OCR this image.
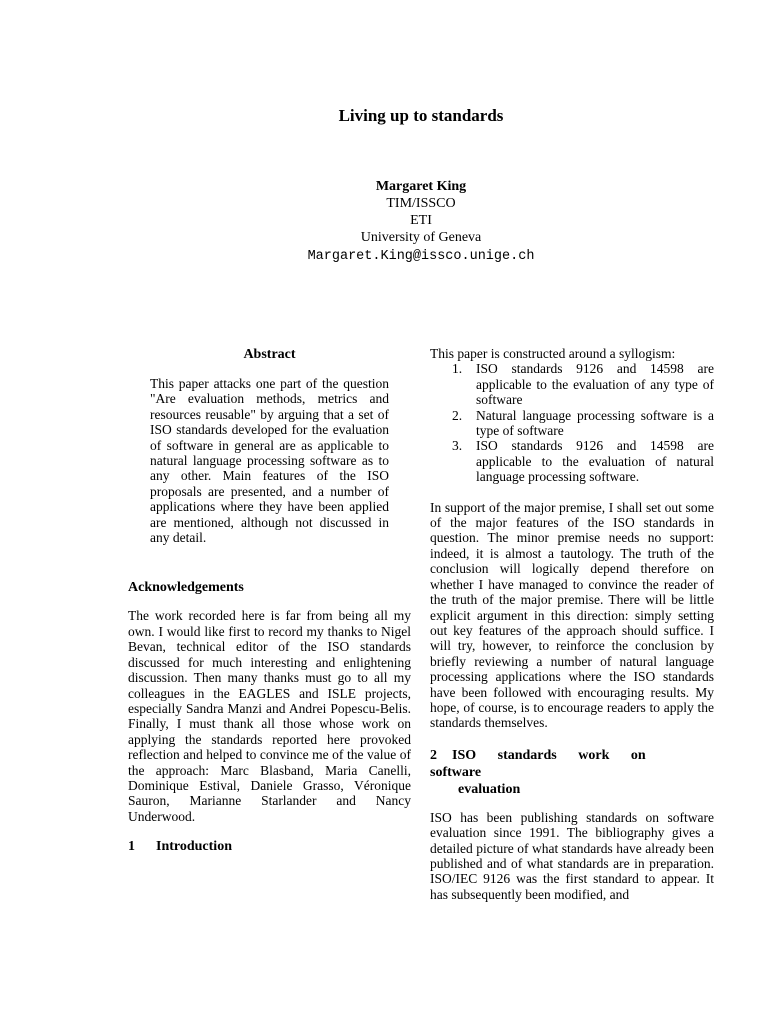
Living up to standards
Margaret King
TIM/ISSCO
ETI
University of Geneva
Margaret.King@issco.unige.ch
Abstract

This paper attacks one part of the question "Are evaluation methods, metrics and resources reusable" by arguing that a set of ISO standards developed for the evaluation of software in general are as applicable to natural language processing software as to any other. Main features of the ISO proposals are presented, and a number of applications where they have been applied are mentioned, although not discussed in any detail.

Acknowledgements

The work recorded here is far from being all my own. I would like first to record my thanks to Nigel Bevan, technical editor of the ISO standards discussed for much interesting and enlightening discussion. Then many thanks must go to all my colleagues in the EAGLES and ISLE projects, especially Sandra Manzi and Andrei Popescu-Belis. Finally, I must thank all those whose work on applying the standards reported here provoked reflection and helped to convince me of the value of the approach: Marc Blasband, Maria Canelli, Dominique Estival, Daniele Grasso, Véronique Sauron, Marianne Starlander and Nancy Underwood.

1 Introduction

This paper is constructed around a syllogism:

1. ISO standards 9126 and 14598 are applicable to the evaluation of any type of software
2. Natural language processing software is a type of software
3. ISO standards 9126 and 14598 are applicable to the evaluation of natural language processing software.

In support of the major premise, I shall set out some of the major features of the ISO standards in question. The minor premise needs no support: indeed, it is almost a tautology. The truth of the conclusion will logically depend therefore on whether I have managed to convince the reader of the truth of the major premise. There will be little explicit argument in this direction: simply setting out key features of the approach should suffice. I will try, however, to reinforce the conclusion by briefly reviewing a number of natural language processing applications where the ISO standards have been followed with encouraging results. My hope, of course, is to encourage readers to apply the standards themselves.

2 ISO standards work on software
evaluation

ISO has been publishing standards on software evaluation since 1991. The bibliography gives a detailed picture of what standards have already been published and of what standards are in preparation. ISO/IEC 9126 was the first standard to appear. It has subsequently been modified, and
